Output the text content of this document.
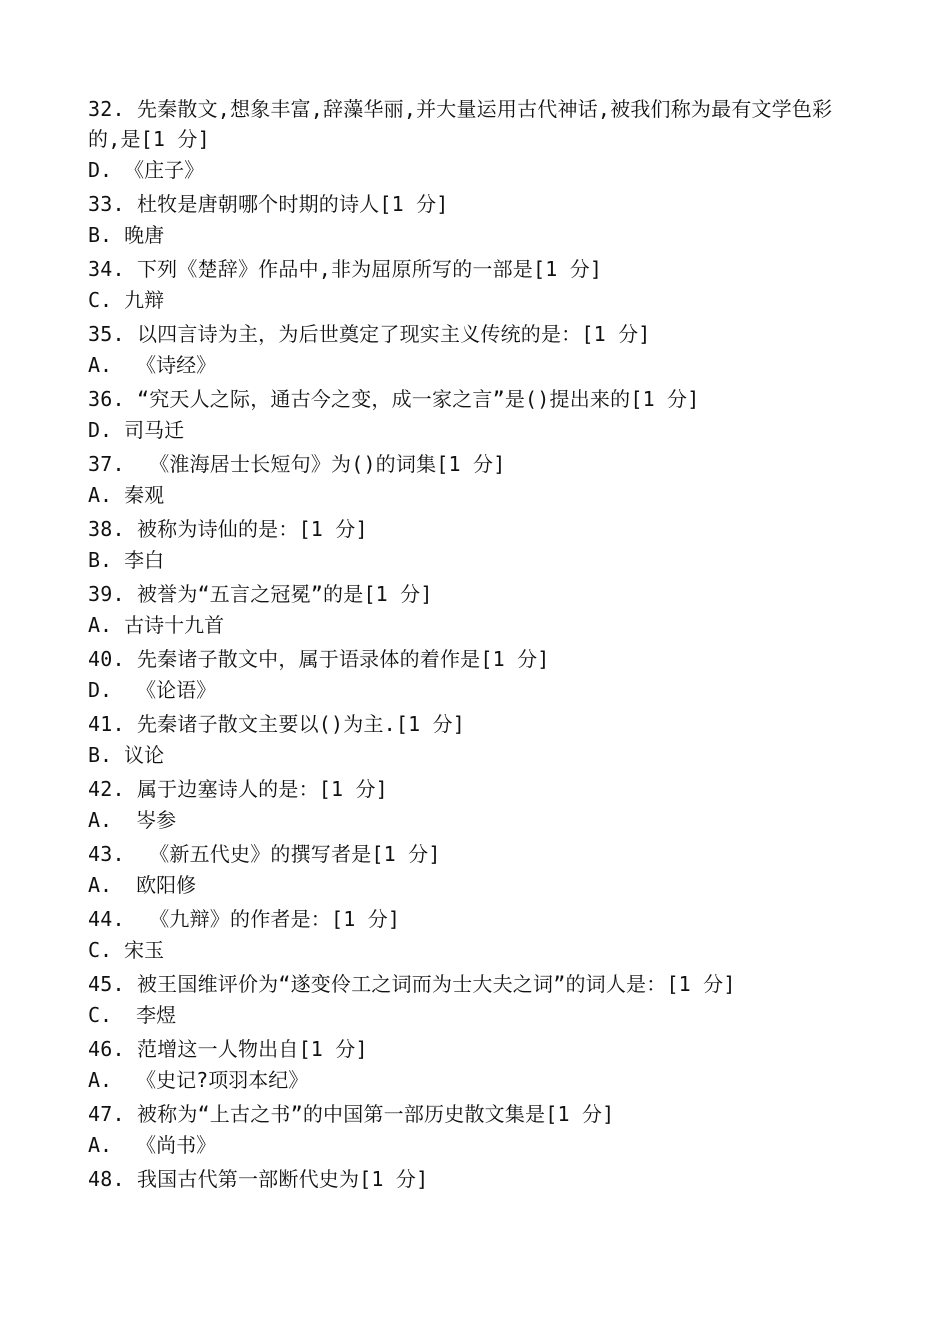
32. 先秦散文,想象丰富,辞藻华丽,并大量运用古代神话,被我们称为最有文学色彩的,是[1 分]

D. 《庄子》

33. 杜牧是唐朝哪个时期的诗人[1 分]

B. 晚唐

34. 下列《楚辞》作品中,非为屈原所写的一部是[1 分]

C. 九辩

35. 以四言诗为主，为后世奠定了现实主义传统的是：[1 分]

A.  《诗经》

36. “究天人之际，通古今之变，成一家之言”是()提出来的[1 分]

D. 司马迁

37.  《淮海居士长短句》为()的词集[1 分]

A. 秦观

38. 被称为诗仙的是：[1 分]

B. 李白

39. 被誉为“五言之冠冕”的是[1 分]

A. 古诗十九首

40. 先秦诸子散文中，属于语录体的着作是[1 分]

D.  《论语》

41. 先秦诸子散文主要以()为主.[1 分]

B. 议论

42. 属于边塞诗人的是：[1 分]

A.  岑参

43.  《新五代史》的撰写者是[1 分]

A.  欧阳修

44.  《九辩》的作者是：[1 分]

C. 宋玉

45. 被王国维评价为“遂变伶工之词而为士大夫之词”的词人是：[1 分]

C.  李煜

46. 范增这一人物出自[1 分]

A.  《史记?项羽本纪》

47. 被称为“上古之书”的中国第一部历史散文集是[1 分]

A.  《尚书》

48. 我国古代第一部断代史为[1 分]
